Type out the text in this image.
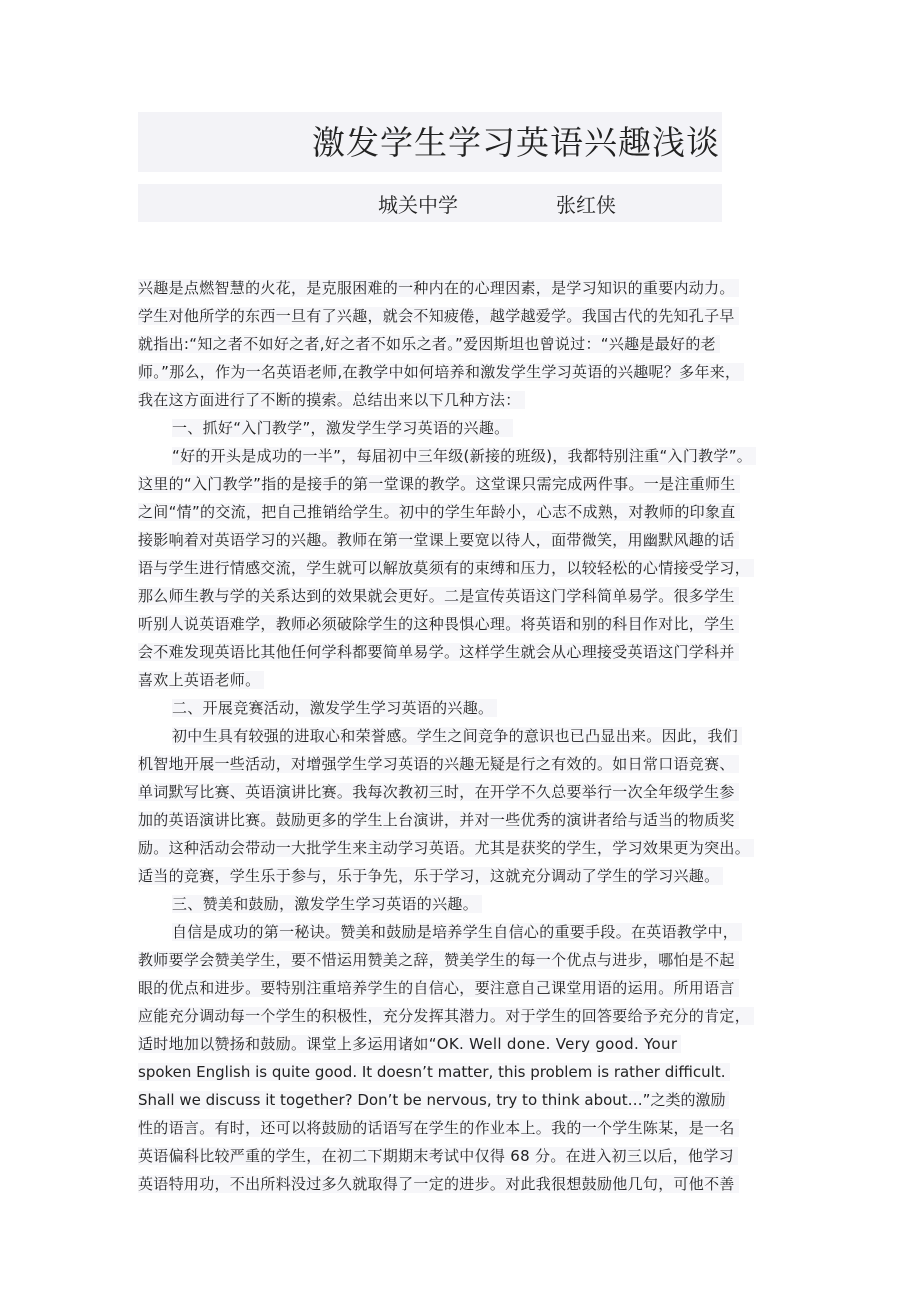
激发学生学习英语兴趣浅谈
城关中学	张红侠
兴趣是点燃智慧的火花，是克服困难的一种内在的心理因素，是学习知识的重要内动力。
学生对他所学的东西一旦有了兴趣，就会不知疲倦，越学越爱学。我国古代的先知孔子早
就指出:“知之者不如好之者,好之者不如乐之者。”爱因斯坦也曾说过：“兴趣是最好的老
师。”那么，作为一名英语老师,在教学中如何培养和激发学生学习英语的兴趣呢？多年来，
我在这方面进行了不断的摸索。总结出来以下几种方法：
一、抓好“入门教学”，激发学生学习英语的兴趣。
“好的开头是成功的一半”，每届初中三年级(新接的班级)，我都特别注重“入门教学”。
这里的“入门教学”指的是接手的第一堂课的教学。这堂课只需完成两件事。一是注重师生
之间“情”的交流，把自己推销给学生。初中的学生年龄小，心志不成熟，对教师的印象直
接影响着对英语学习的兴趣。教师在第一堂课上要宽以待人，面带微笑，用幽默风趣的话
语与学生进行情感交流，学生就可以解放莫须有的束缚和压力，以较轻松的心情接受学习，
那么师生教与学的关系达到的效果就会更好。二是宣传英语这门学科简单易学。很多学生
听别人说英语难学，教师必须破除学生的这种畏惧心理。将英语和别的科目作对比，学生
会不难发现英语比其他任何学科都要简单易学。这样学生就会从心理接受英语这门学科并
喜欢上英语老师。
二、开展竞赛活动，激发学生学习英语的兴趣。
初中生具有较强的进取心和荣誉感。学生之间竞争的意识也已凸显出来。因此，我们
机智地开展一些活动，对增强学生学习英语的兴趣无疑是行之有效的。如日常口语竞赛、
单词默写比赛、英语演讲比赛。我每次教初三时，在开学不久总要举行一次全年级学生参
加的英语演讲比赛。鼓励更多的学生上台演讲，并对一些优秀的演讲者给与适当的物质奖
励。这种活动会带动一大批学生来主动学习英语。尤其是获奖的学生，学习效果更为突出。
适当的竞赛，学生乐于参与，乐于争先，乐于学习，这就充分调动了学生的学习兴趣。
三、赞美和鼓励，激发学生学习英语的兴趣。
自信是成功的第一秘诀。赞美和鼓励是培养学生自信心的重要手段。在英语教学中，
教师要学会赞美学生，要不惜运用赞美之辞，赞美学生的每一个优点与进步，哪怕是不起
眼的优点和进步。要特别注重培养学生的自信心，要注意自己课堂用语的运用。所用语言
应能充分调动每一个学生的积极性，充分发挥其潜力。对于学生的回答要给予充分的肯定，
适时地加以赞扬和鼓励。课堂上多运用诸如“OK. Well done. Very good. Your
spoken English is quite good. It doesn’t matter, this problem is rather difficult.
Shall we discuss it together? Don’t be nervous, try to think about…”之类的激励
性的语言。有时，还可以将鼓励的话语写在学生的作业本上。我的一个学生陈某，是一名
英语偏科比较严重的学生，在初二下期期末考试中仅得 68 分。在进入初三以后，他学习
英语特用功，不出所料没过多久就取得了一定的进步。对此我很想鼓励他几句，可他不善
